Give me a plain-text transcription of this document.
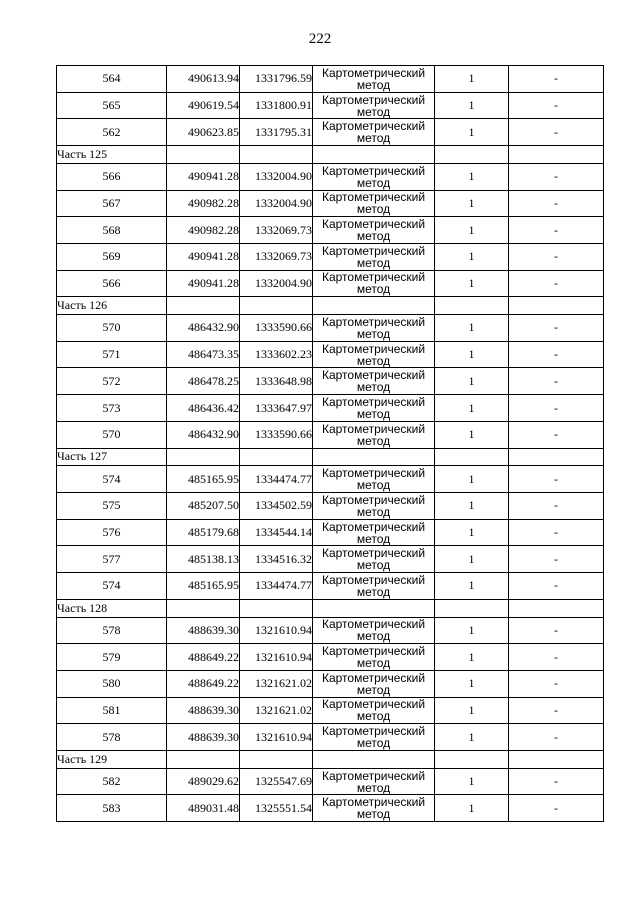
222
564	490613.94	1331796.59	Картометрический
метод	1	-
565	490619.54	1331800.91	Картометрический
метод	1	-
562	490623.85	1331795.31	Картометрический
метод	1	-
Часть 125					
566	490941.28	1332004.90	Картометрический
метод	1	-
567	490982.28	1332004.90	Картометрический
метод	1	-
568	490982.28	1332069.73	Картометрический
метод	1	-
569	490941.28	1332069.73	Картометрический
метод	1	-
566	490941.28	1332004.90	Картометрический
метод	1	-
Часть 126					
570	486432.90	1333590.66	Картометрический
метод	1	-
571	486473.35	1333602.23	Картометрический
метод	1	-
572	486478.25	1333648.98	Картометрический
метод	1	-
573	486436.42	1333647.97	Картометрический
метод	1	-
570	486432.90	1333590.66	Картометрический
метод	1	-
Часть 127					
574	485165.95	1334474.77	Картометрический
метод	1	-
575	485207.50	1334502.59	Картометрический
метод	1	-
576	485179.68	1334544.14	Картометрический
метод	1	-
577	485138.13	1334516.32	Картометрический
метод	1	-
574	485165.95	1334474.77	Картометрический
метод	1	-
Часть 128					
578	488639.30	1321610.94	Картометрический
метод	1	-
579	488649.22	1321610.94	Картометрический
метод	1	-
580	488649.22	1321621.02	Картометрический
метод	1	-
581	488639.30	1321621.02	Картометрический
метод	1	-
578	488639.30	1321610.94	Картометрический
метод	1	-
Часть 129					
582	489029.62	1325547.69	Картометрический
метод	1	-
583	489031.48	1325551.54	Картометрический
метод	1	-
